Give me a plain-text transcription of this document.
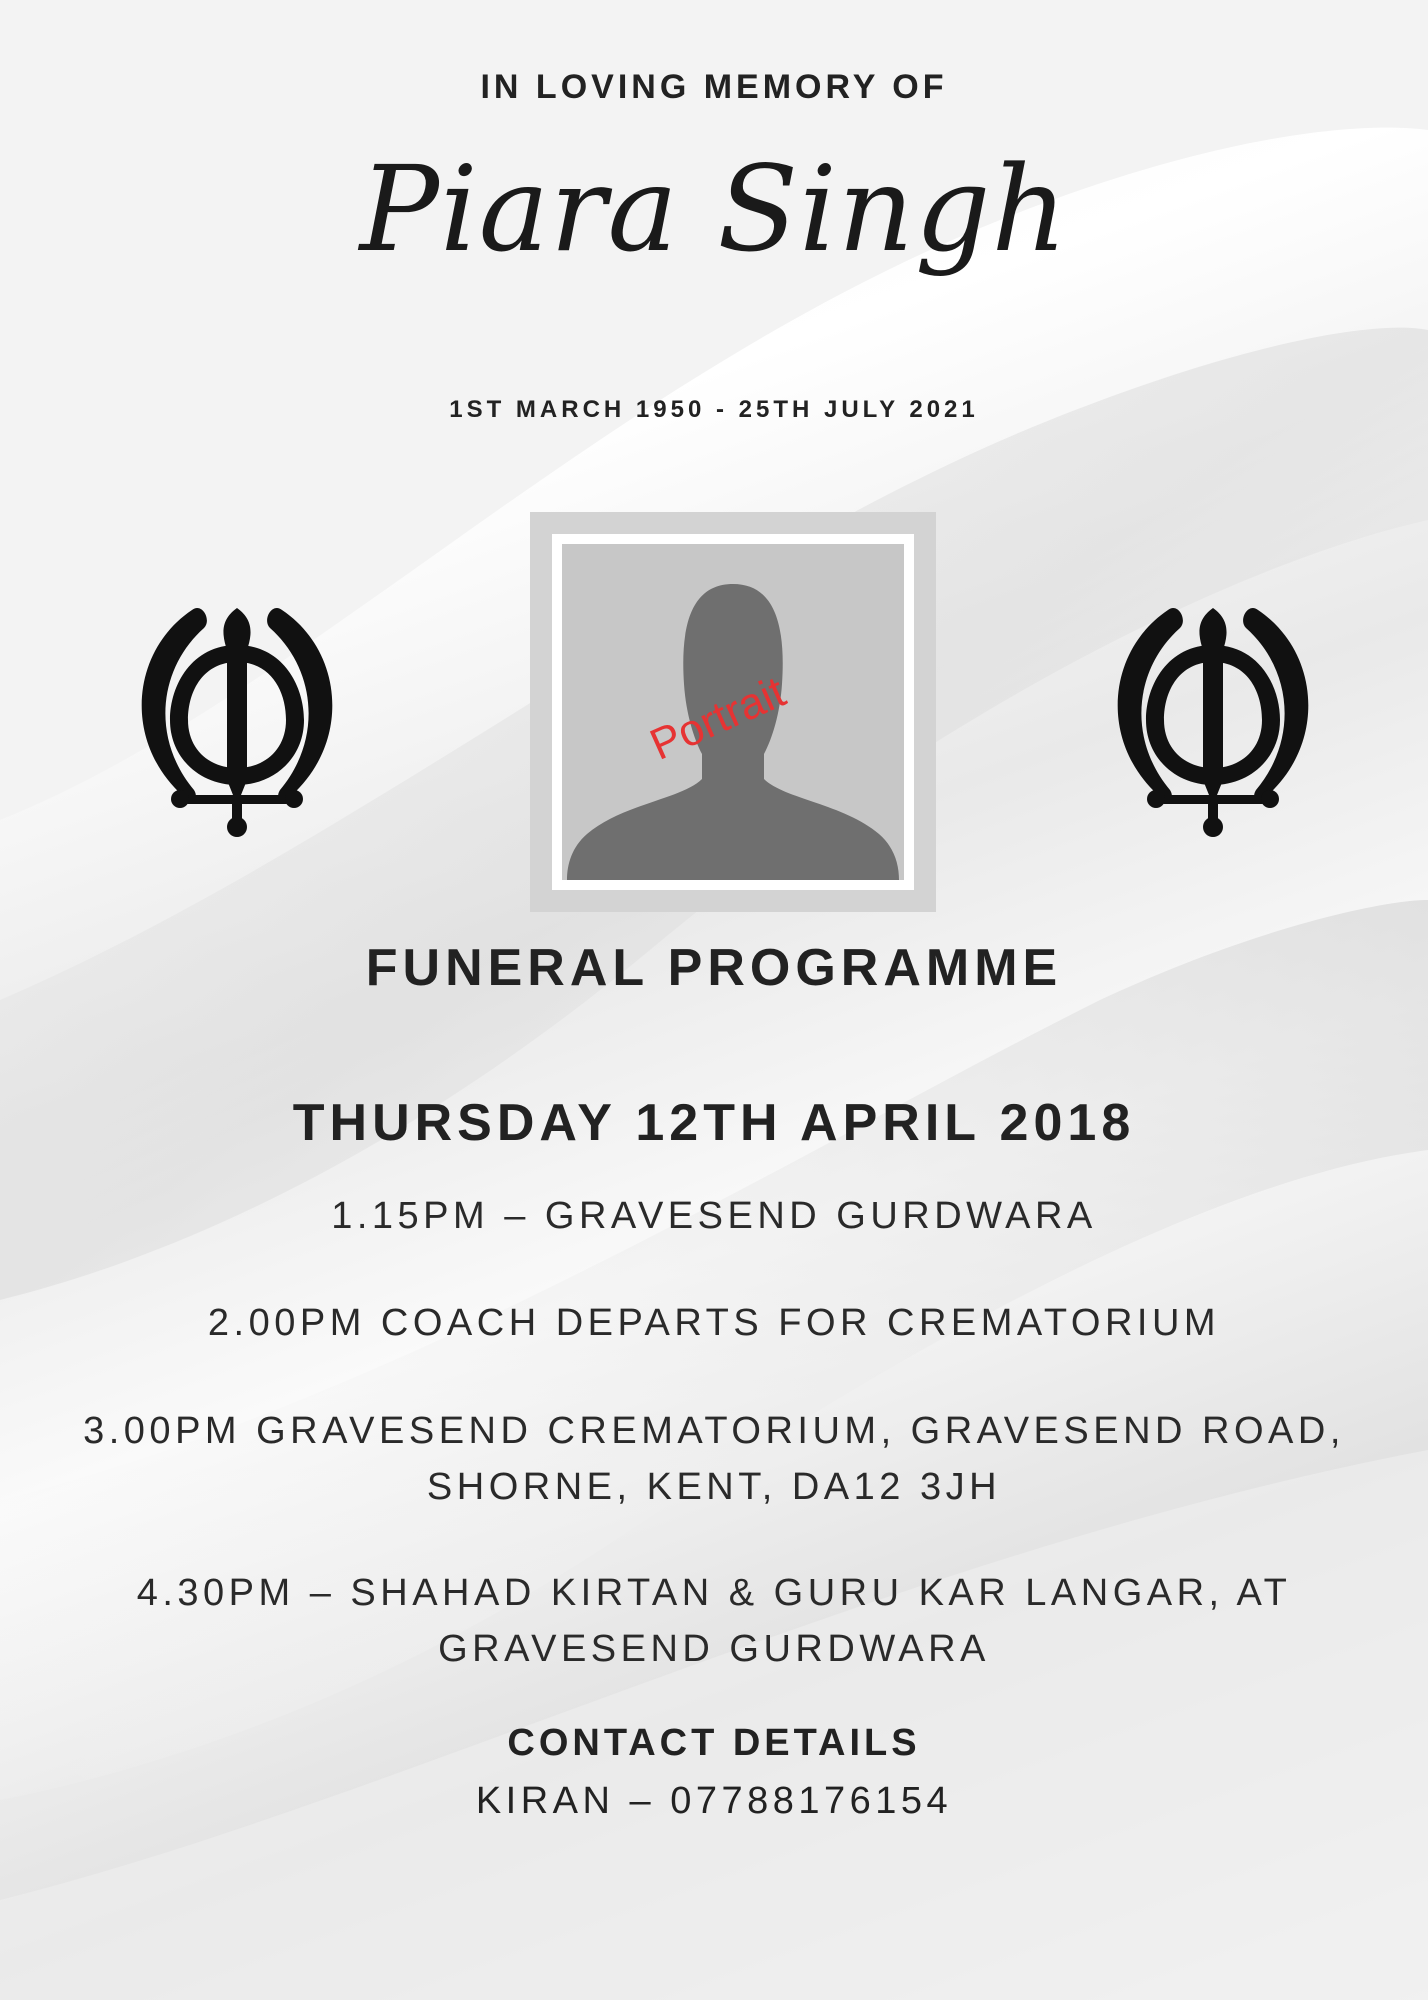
IN LOVING MEMORY OF
Piara Singh
1ST MARCH 1950 - 25TH JULY 2021
Portrait
FUNERAL PROGRAMME
THURSDAY 12TH APRIL 2018
1.15PM – GRAVESEND GURDWARA
2.00PM COACH DEPARTS FOR CREMATORIUM
3.00PM GRAVESEND CREMATORIUM, GRAVESEND ROAD,
SHORNE, KENT, DA12 3JH
4.30PM – SHAHAD KIRTAN & GURU KAR LANGAR, AT
GRAVESEND GURDWARA
CONTACT DETAILS
KIRAN – 07788176154
